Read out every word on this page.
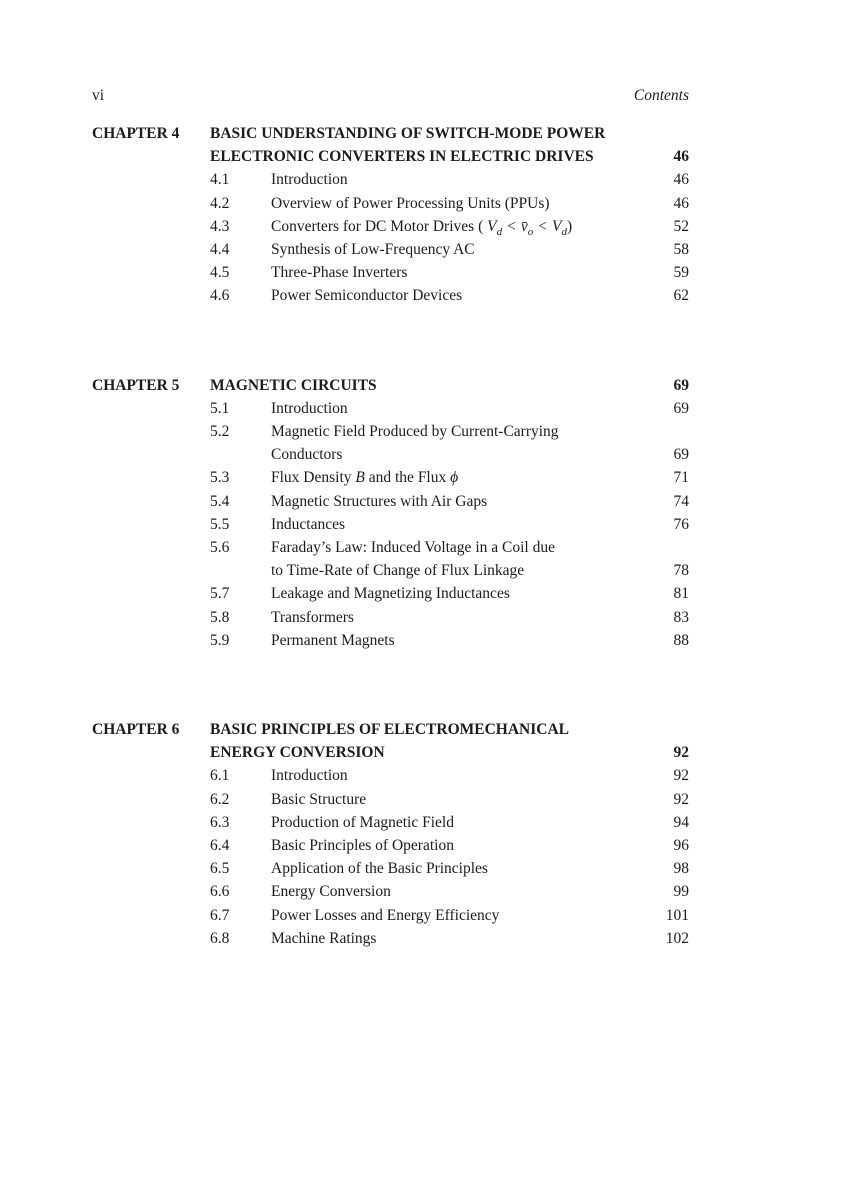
vi	Contents
CHAPTER 4	BASIC UNDERSTANDING OF SWITCH-MODE POWER
ELECTRONIC CONVERTERS IN ELECTRIC DRIVES	46
4.1	Introduction	46
4.2	Overview of Power Processing Units (PPUs)	46
4.3	Converters for DC Motor Drives ( $V_d$ < $v̄_o < V_d$)	52
4.4	Synthesis of Low-Frequency AC	58
4.5	Three-Phase Inverters	59
4.6	Power Semiconductor Devices	62
CHAPTER 5	MAGNETIC CIRCUITS	69
5.1	Introduction	69
5.2	Magnetic Field Produced by Current-Carrying
Conductors	69
5.3	Flux Density B and the Flux ϕ	71
5.4	Magnetic Structures with Air Gaps	74
5.5	Inductances	76
5.6	Faraday’s Law: Induced Voltage in a Coil due
to Time-Rate of Change of Flux Linkage	78
5.7	Leakage and Magnetizing Inductances	81
5.8	Transformers	83
5.9	Permanent Magnets	88
CHAPTER 6	BASIC PRINCIPLES OF ELECTROMECHANICAL
ENERGY CONVERSION	92
6.1	Introduction	92
6.2	Basic Structure	92
6.3	Production of Magnetic Field	94
6.4	Basic Principles of Operation	96
6.5	Application of the Basic Principles	98
6.6	Energy Conversion	99
6.7	Power Losses and Energy Efficiency	101
6.8	Machine Ratings	102
